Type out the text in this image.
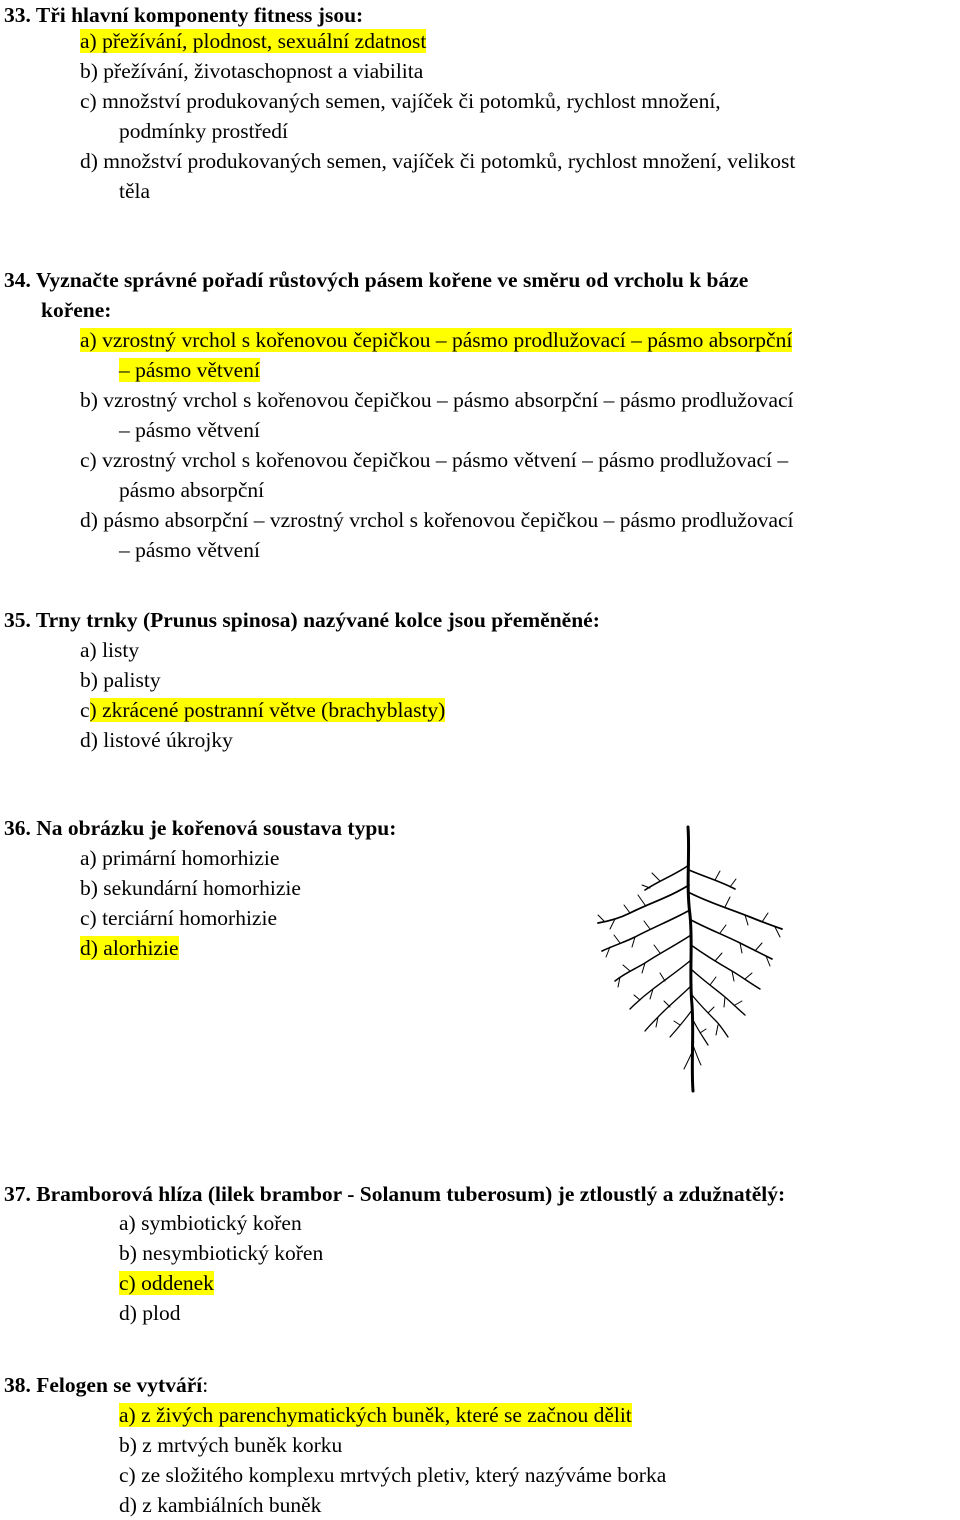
33. Tři hlavní komponenty fitness jsou:
a) přežívání, plodnost, sexuální zdatnost
b) přežívání, životaschopnost a viabilita
c) množství produkovaných semen, vajíček či potomků, rychlost množení,
podmínky prostředí
d) množství produkovaných semen, vajíček či potomků, rychlost množení, velikost
těla
34. Vyznačte správné pořadí růstových pásem kořene ve směru od vrcholu k báze
kořene:
a) vzrostný vrchol s kořenovou čepičkou – pásmo prodlužovací – pásmo absorpční
– pásmo větvení
b) vzrostný vrchol s kořenovou čepičkou – pásmo absorpční – pásmo prodlužovací
– pásmo větvení
c) vzrostný vrchol s kořenovou čepičkou – pásmo větvení – pásmo prodlužovací –
pásmo absorpční
d) pásmo absorpční – vzrostný vrchol s kořenovou čepičkou – pásmo prodlužovací
– pásmo větvení
35. Trny trnky (Prunus spinosa) nazývané kolce jsou přeměněné:
a) listy
b) palisty
c) zkrácené postranní větve (brachyblasty)
d) listové úkrojky
36. Na obrázku je kořenová soustava typu:
a) primární homorhizie
b) sekundární homorhizie
c) terciární homorhizie
d) alorhizie
37. Bramborová hlíza (lilek brambor - Solanum tuberosum) je ztloustlý a zdužnatělý:
a) symbiotický kořen
b) nesymbiotický kořen
c) oddenek
d) plod
38. Felogen se vytváří:
a) z živých parenchymatických buněk, které se začnou dělit
b) z mrtvých buněk korku
c) ze složitého komplexu mrtvých pletiv, který nazýváme borka
d) z kambiálních buněk
